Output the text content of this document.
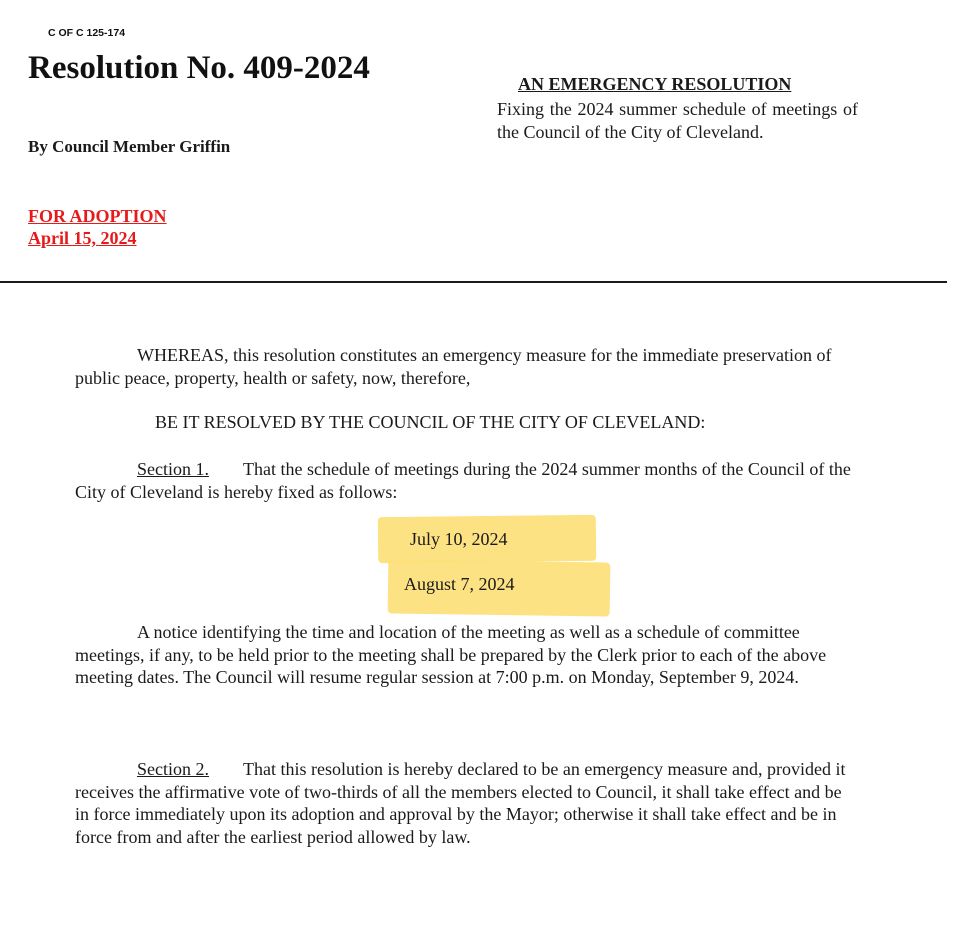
C OF C 125-174
Resolution No. 409-2024
By Council Member Griffin
FOR ADOPTION
April 15, 2024
AN EMERGENCY RESOLUTION
Fixing the 2024 summer schedule of meetings of the Council of the City of Cleveland.
WHEREAS, this resolution constitutes an emergency measure for the immediate preservation of public peace, property, health or safety, now, therefore,
BE IT RESOLVED BY THE COUNCIL OF THE CITY OF CLEVELAND:
Section 1. That the schedule of meetings during the 2024 summer months of the Council of the City of Cleveland is hereby fixed as follows:
July 10, 2024
August 7, 2024
A notice identifying the time and location of the meeting as well as a schedule of committee meetings, if any, to be held prior to the meeting shall be prepared by the Clerk prior to each of the above meeting dates. The Council will resume regular session at 7:00 p.m. on Monday, September 9, 2024.
Section 2. That this resolution is hereby declared to be an emergency measure and, provided it receives the affirmative vote of two-thirds of all the members elected to Council, it shall take effect and be in force immediately upon its adoption and approval by the Mayor; otherwise it shall take effect and be in force from and after the earliest period allowed by law.
